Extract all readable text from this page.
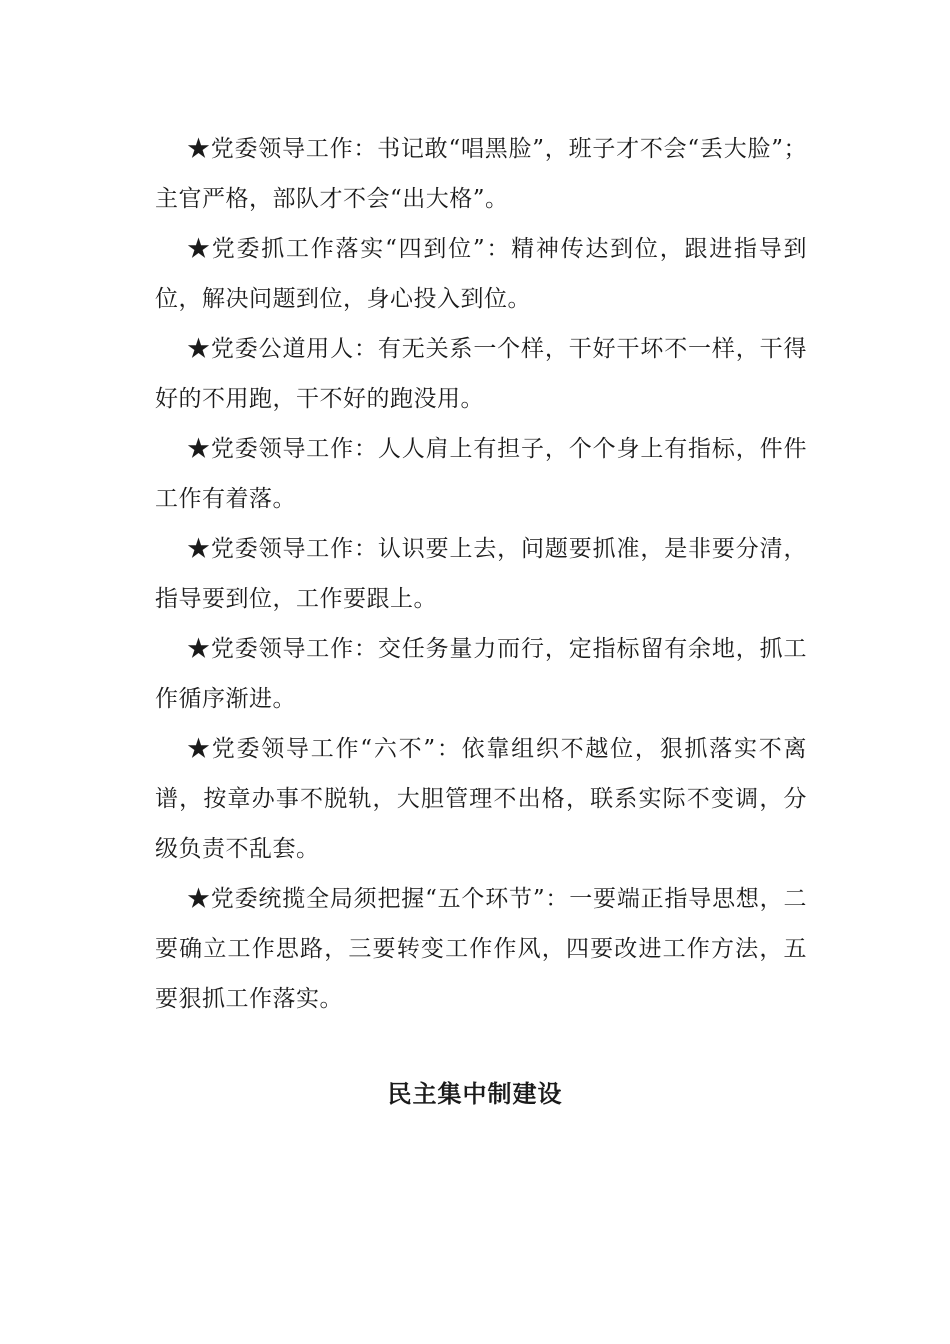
★党委领导工作：书记敢“唱黑脸”，班子才不会“丢大脸”；主官严格，部队才不会“出大格”。

★党委抓工作落实“四到位”：精神传达到位，跟进指导到位，解决问题到位，身心投入到位。

★党委公道用人：有无关系一个样，干好干坏不一样，干得好的不用跑，干不好的跑没用。

★党委领导工作：人人肩上有担子，个个身上有指标，件件工作有着落。

★党委领导工作：认识要上去，问题要抓准，是非要分清，指导要到位，工作要跟上。

★党委领导工作：交任务量力而行，定指标留有余地，抓工作循序渐进。

★党委领导工作“六不”：依靠组织不越位，狠抓落实不离谱，按章办事不脱轨，大胆管理不出格，联系实际不变调，分级负责不乱套。

★党委统揽全局须把握“五个环节”：一要端正指导思想，二要确立工作思路，三要转变工作作风，四要改进工作方法，五要狠抓工作落实。

民主集中制建设
